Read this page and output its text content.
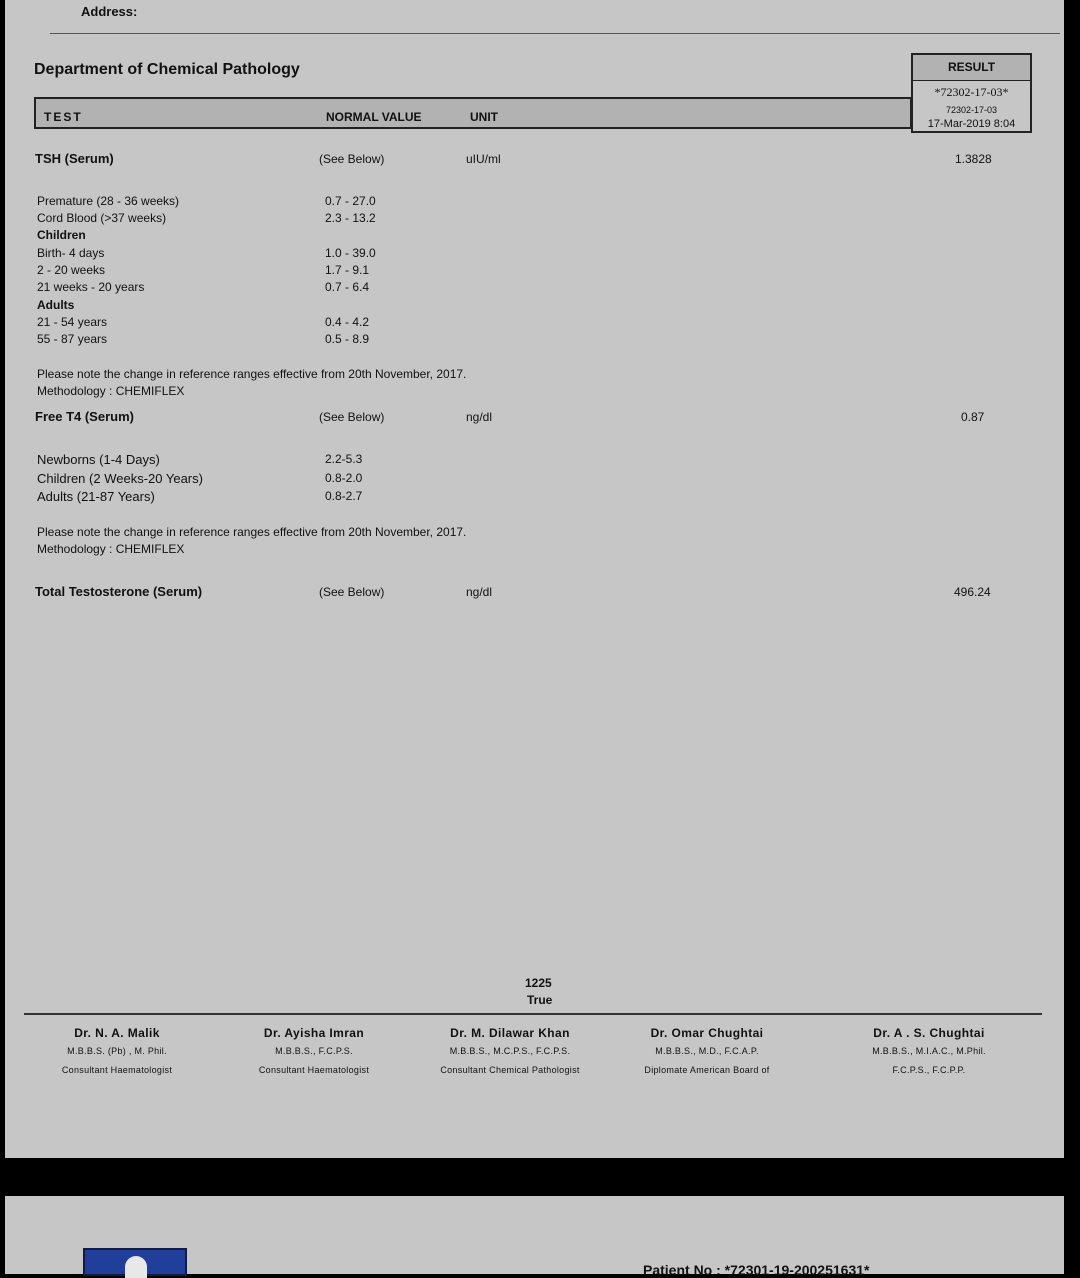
Address:
Department of Chemical Pathology
TEST	NORMAL VALUE	UNIT
RESULT
*72302-17-03*
72302-17-03
17-Mar-2019 8:04
TSH (Serum)	(See Below)	uIU/ml	1.3828
Premature (28 - 36 weeks)	0.7 - 27.0
Cord Blood (>37 weeks)	2.3 - 13.2
Children
Birth- 4 days	1.0 - 39.0
2 - 20 weeks	1.7 - 9.1
21 weeks - 20 years	0.7 - 6.4
Adults
21 - 54 years	0.4 - 4.2
55 - 87 years	0.5 - 8.9
Please note the change in reference ranges effective from 20th November, 2017.
Methodology : CHEMIFLEX
Free T4 (Serum)	(See Below)	ng/dl	0.87
Newborns (1-4 Days)	2.2-5.3
Children (2 Weeks-20 Years)	0.8-2.0
Adults (21-87 Years)	0.8-2.7
Please note the change in reference ranges effective from 20th November, 2017.
Methodology : CHEMIFLEX
Total Testosterone (Serum)	(See Below)	ng/dl	496.24
1225
True
Dr. N. A. Malik
M.B.B.S. (Pb) , M. Phil.
Consultant Haematologist
Dr. Ayisha Imran
M.B.B.S., F.C.P.S.
Consultant Haematologist
Dr. M. Dilawar Khan
M.B.B.S., M.C.P.S., F.C.P.S.
Consultant Chemical Pathologist
Dr. Omar Chughtai
M.B.B.S., M.D., F.C.A.P.
Diplomate American Board of
Dr. A . S. Chughtai
M.B.B.S., M.I.A.C., M.Phil.
F.C.P.S., F.C.P.P.
Patient No : *72301-19-200251631*
